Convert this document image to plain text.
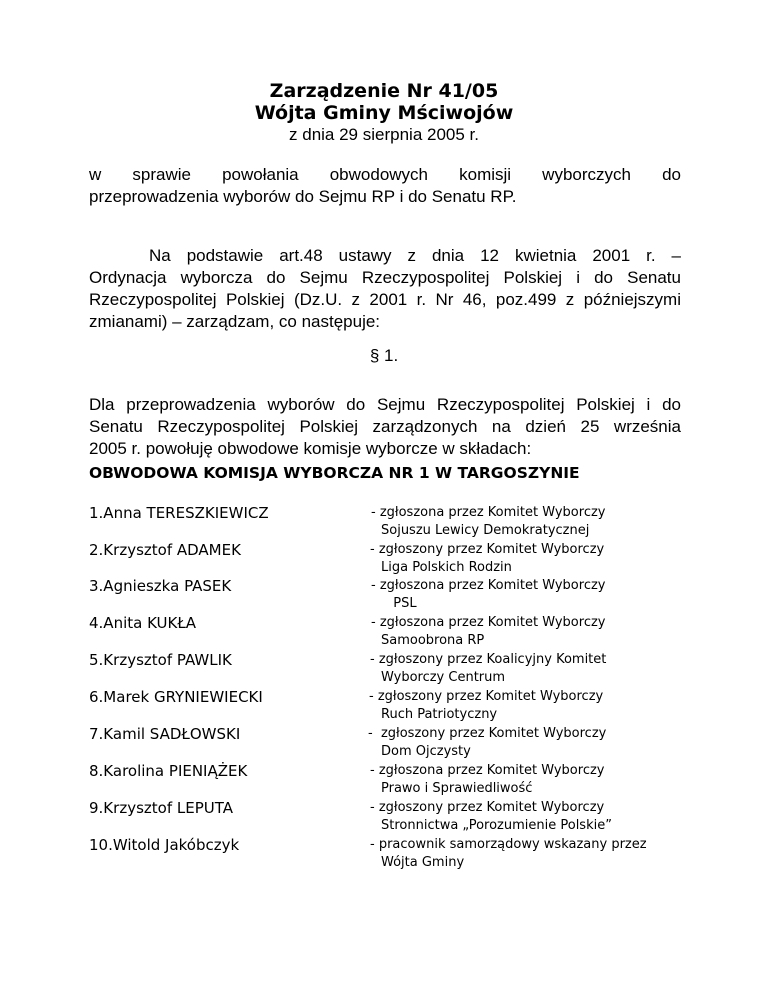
Zarządzenie Nr 41/05
Wójta Gminy Mściwojów
z dnia 29 sierpnia 2005 r.
w sprawie powołania obwodowych komisji wyborczych do
przeprowadzenia wyborów do Sejmu RP i do Senatu RP.
Na podstawie art.48 ustawy z dnia 12 kwietnia 2001 r. –
Ordynacja wyborcza do Sejmu Rzeczypospolitej Polskiej i do Senatu
Rzeczypospolitej Polskiej (Dz.U. z 2001 r. Nr 46, poz.499 z późniejszymi
zmianami) – zarządzam, co następuje:
§ 1.
Dla przeprowadzenia wyborów do Sejmu Rzeczypospolitej Polskiej i do
Senatu Rzeczypospolitej Polskiej zarządzonych na dzień 25 września
2005 r. powołuję obwodowe komisje wyborcze w składach:
OBWODOWA KOMISJA WYBORCZA NR 1 W TARGOSZYNIE
1.Anna TERESZKIEWICZ	- zgłoszona przez Komitet Wyborczy
Sojuszu Lewicy Demokratycznej
2.Krzysztof ADAMEK	- zgłoszony przez Komitet Wyborczy
Liga Polskich Rodzin
3.Agnieszka PASEK	- zgłoszona przez Komitet Wyborczy
PSL
4.Anita KUKŁA	- zgłoszona przez Komitet Wyborczy
Samoobrona RP
5.Krzysztof PAWLIK	- zgłoszony przez Koalicyjny Komitet
Wyborczy Centrum
6.Marek GRYNIEWIECKI	- zgłoszony przez Komitet Wyborczy
Ruch Patriotyczny
7.Kamil SADŁOWSKI	-  zgłoszony przez Komitet Wyborczy
Dom Ojczysty
8.Karolina PIENIĄŻEK	- zgłoszona przez Komitet Wyborczy
Prawo i Sprawiedliwość
9.Krzysztof LEPUTA	- zgłoszony przez Komitet Wyborczy
Stronnictwa „Porozumienie Polskie”
10.Witold Jakóbczyk	- pracownik samorządowy wskazany przez
Wójta Gminy
